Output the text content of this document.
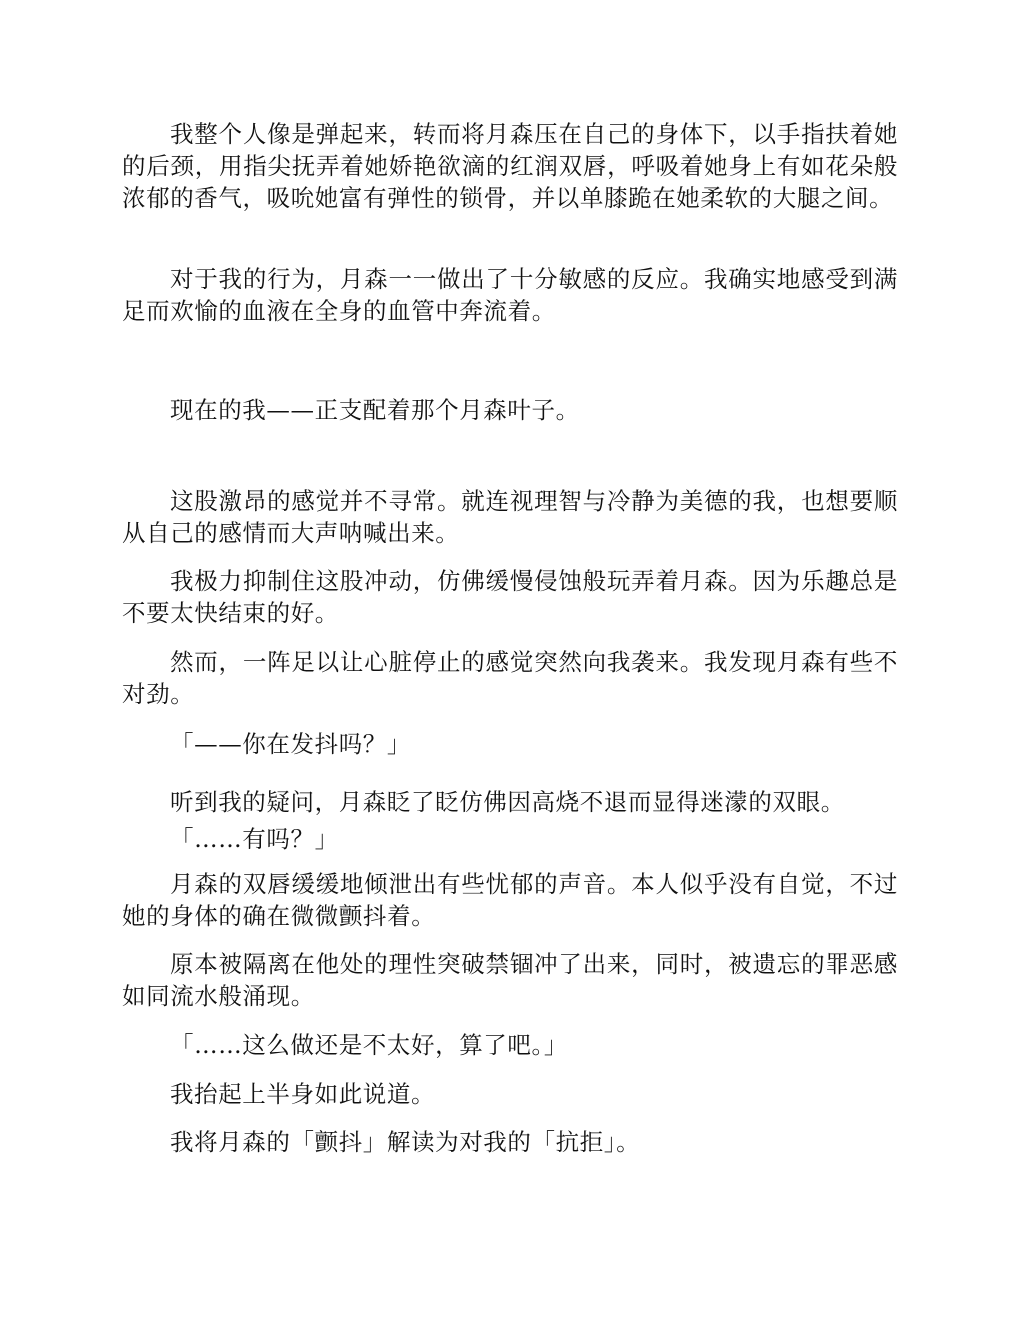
我整个人像是弹起来，转而将月森压在自己的身体下，以手指扶着她的后颈，用指尖抚弄着她娇艳欲滴的红润双唇，呼吸着她身上有如花朵般浓郁的香气，吸吮她富有弹性的锁骨，并以单膝跪在她柔软的大腿之间。

对于我的行为，月森一一做出了十分敏感的反应。我确实地感受到满足而欢愉的血液在全身的血管中奔流着。

现在的我——正支配着那个月森叶子。

这股激昂的感觉并不寻常。就连视理智与冷静为美德的我，也想要顺从自己的感情而大声呐喊出来。

我极力抑制住这股冲动，仿佛缓慢侵蚀般玩弄着月森。因为乐趣总是不要太快结束的好。

然而，一阵足以让心脏停止的感觉突然向我袭来。我发现月森有些不对劲。

「——你在发抖吗？」

听到我的疑问，月森眨了眨仿佛因高烧不退而显得迷濛的双眼。

「……有吗？」

月森的双唇缓缓地倾泄出有些忧郁的声音。本人似乎没有自觉，不过她的身体的确在微微颤抖着。

原本被隔离在他处的理性突破禁锢冲了出来，同时，被遗忘的罪恶感如同流水般涌现。

「……这么做还是不太好，算了吧。」

我抬起上半身如此说道。

我将月森的「颤抖」解读为对我的「抗拒」。
